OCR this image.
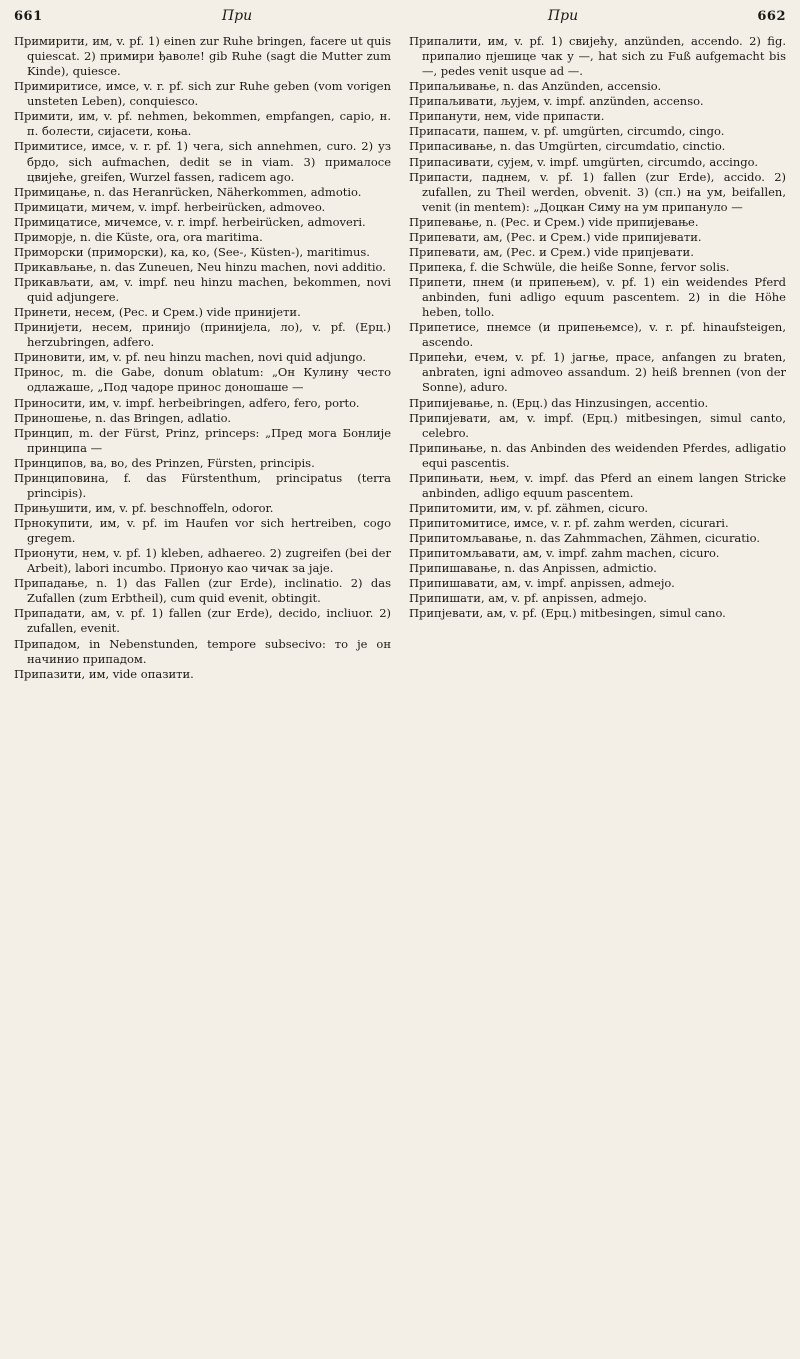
661	При	При	662

Примирити, им, v. pf. 1) einen zur Ruhe bringen, facere ut quis quiescat. 2) примири ђаволе! gib Ruhe (sagt die Mutter zum Kinde), quiesce.

Примиритисе, имсе, v. r. pf. sich zur Ruhe geben (vom vorigen unsteten Leben), conquiesco.

Примити, им, v. pf. nehmen, bekommen, empfangen, capio, н. п. болести, сиjасети, коња.

Примитисе, имсе, v. r. pf. 1) чега, sich annehmen, curo. 2) уз брдо, sich aufmachen, dedit se in viam. 3) прималосе цвиjеће, greifen, Wurzel fassen, radicem ago.

Примицање, n. das Heranrücken, Näherkommen, admotio.

Примицати, мичем, v. impf. herbeirücken, admoveo.

Примицатисе, мичемсе, v. r. impf. herbeirücken, admoveri.

Приморје, n. die Küste, ora, ora maritima.

Приморски (приморски), ка, ко, (See-, Küsten-), maritimus.

Прикављање, n. das Zuneuen, Neu hinzu machen, novi additio.

Прикављати, ам, v. impf. neu hinzu machen, bekommen, novi quid adjungere.

Принети, несем, (Рес. и Срем.) vide принијети.

Принијети, несем, принијо (принијела, ло), v. pf. (Ерц.) herzubringen, adfero.

Приновити, им, v. pf. neu hinzu machen, novi quid adjungo.

Принос, m. die Gabe, donum oblatum: „Он Кулину често одлажаше, „Под чадоре принос доношаше —

Приносити, им, v. impf. herbeibringen, adfero, fero, porto.

Приношење, n. das Bringen, adlatio.

Принцип, m. der Fürst, Prinz, princeps: „Пред мога Бонлиjе принципа —

Принципов, ва, во, des Prinzen, Fürsten, principis.

Принциповина, f. das Fürstenthum, principatus (terra principis).

Прињушити, им, v. pf. beschnoffeln, odoror.

Прнокупити, им, v. pf. im Haufen vor sich hertreiben, cogo gregem.

Прионути, нем, v. pf. 1) kleben, adhaereo. 2) zugreifen (bei der Arbeit), labori incumbo. Прионуо као чичак за jаjе.

Припадање, n. 1) das Fallen (zur Erde), inclinatio. 2) das Zufallen (zum Erbtheil), cum quid evenit, obtingit.

Припадати, ам, v. pf. 1) fallen (zur Erde), decido, incliuor. 2) zufallen, evenit.

Припадом, in Nebenstunden, tempore subsecivo: то je он начинио припадом.

Припазити, им, vide опазити.

Припалити, им, v. pf. 1) свиjећу, anzünden, accendo. 2) fig. припалио пјешице чак у —, hat sich zu Fuß aufgemacht bis —, pedes venit usque ad —.

Припаљивање, n. das Anzünden, accensio.

Припаљивати, љуjем, v. impf. anzünden, accenso.

Припанути, нем, vide припасти.

Припасати, пашем, v. pf. umgürten, circumdo, cingo.

Припасивање, n. das Umgürten, circumdatio, cinctio.

Припасивати, сујем, v. impf. umgürten, circumdo, accingo.

Припасти, паднем, v. pf. 1) fallen (zur Erde), accido. 2) zufallen, zu Theil werden, obvenit. 3) (сп.) на ум, beifallen, venit (in mentem): „Доцкан Симу на ум припануло —

Припевање, n. (Рес. и Срем.) vide припијевање.

Припевати, ам, (Рес. и Срем.) vide припијевати.

Припевати, ам, (Рес. и Срем.) vide припјевати.

Припека, f. die Schwüle, die heiße Sonne, fervor solis.

Припети, пнем (и припењем), v. pf. 1) ein weidendes Pferd anbinden, funi adligo equum pascentem. 2) in die Höhe heben, tollo.

Припетисе, пнемсе (и припењемсе), v. r. pf. hinaufsteigen, ascendo.

Припећи, ечем, v. pf. 1) јагње, прасе, anfangen zu braten, anbraten, igni admoveo assandum. 2) heiß brennen (von der Sonne), aduro.

Припијевање, n. (Ерц.) das Hinzusingen, accentio.

Припијевати, ам, v. impf. (Ерц.) mitbesingen, simul canto, celebro.

Припињање, n. das Anbinden des weidenden Pferdes, adligatio equi pascentis.

Припињати, њем, v. impf. das Pferd an einem langen Stricke anbinden, adligo equum pascentem.

Припитомити, им, v. pf. zähmen, cicuro.

Припитомитисе, имсе, v. r. pf. zahm werden, cicurari.

Припитомљавање, n. das Zahmmachen, Zähmen, cicuratio.

Припитомљавати, ам, v. impf. zahm machen, cicuro.

Припишавање, n. das Anpissen, admictio.

Припишавати, ам, v. impf. anpissen, admejo.

Припишати, ам, v. pf. anpissen, admejo.

Припјевати, ам, v. pf. (Ерц.) mitbesingen, simul cano.
